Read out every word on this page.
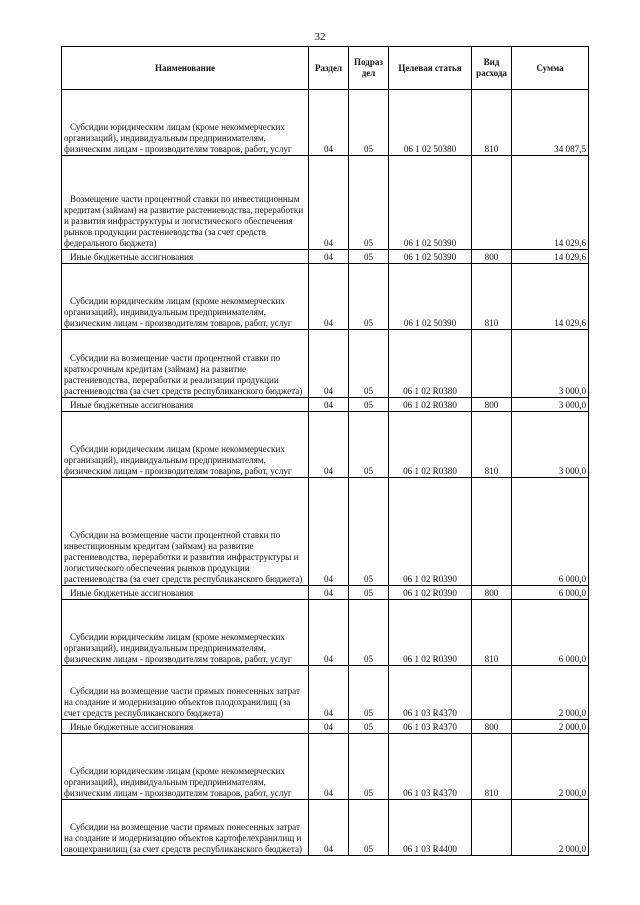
32
Наименование	Раздел	Подраз дел	Целевая статья	Вид расхода	Сумма
Субсидии юридическим лицам (кроме некоммерческих организаций), индивидуальным предпринимателям, физическим лицам - производителям товаров, работ, услуг	04	05	06 1 02 50380	810	34 087,5
Возмещение части процентной ставки по инвестиционным кредитам (займам) на развитие растениеводства, переработки и развития инфраструктуры и логистического обеспечения рынков продукции растениеводства (за счет средств федерального бюджета)	04	05	06 1 02 50390		14 029,6
Иные бюджетные ассигнования	04	05	06 1 02 50390	800	14 029,6
Субсидии юридическим лицам (кроме некоммерческих организаций), индивидуальным предпринимателям, физическим лицам - производителям товаров, работ, услуг	04	05	06 1 02 50390	810	14 029,6
Субсидии на возмещение части процентной ставки по краткосрочным кредитам (займам) на развитие растениеводства, переработки и реализации продукции растениеводства (за счет средств республиканского бюджета)	04	05	06 1 02 R0380		3 000,0
Иные бюджетные ассигнования	04	05	06 1 02 R0380	800	3 000,0
Субсидии юридическим лицам (кроме некоммерческих организаций), индивидуальным предпринимателям, физическим лицам - производителям товаров, работ, услуг	04	05	06 1 02 R0380	810	3 000,0
Субсидии на возмещение части процентной ставки по инвестиционным кредитам (займам) на развитие растениеводства, переработки и развития инфраструктуры и логистического обеспечения рынков продукции растениеводства (за счет средств республиканского бюджета)	04	05	06 1 02 R0390		6 000,0
Иные бюджетные ассигнования	04	05	06 1 02 R0390	800	6 000,0
Субсидии юридическим лицам (кроме некоммерческих организаций), индивидуальным предпринимателям, физическим лицам - производителям товаров, работ, услуг	04	05	06 1 02 R0390	810	6 000,0
Субсидии на возмещение части прямых понесенных затрат на создание и модернизацию объектов плодохранилищ (за счет средств республиканского бюджета)	04	05	06 1 03 R4370		2 000,0
Иные бюджетные ассигнования	04	05	06 1 03 R4370	800	2 000,0
Субсидии юридическим лицам (кроме некоммерческих организаций), индивидуальным предпринимателям, физическим лицам - производителям товаров, работ, услуг	04	05	06 1 03 R4370	810	2 000,0
Субсидии на возмещение части прямых понесенных затрат на создание и модернизацию объектов картофелехранилищ и овощехранилищ (за счет средств республиканского бюджета)	04	05	06 1 03 R4400		2 000,0
